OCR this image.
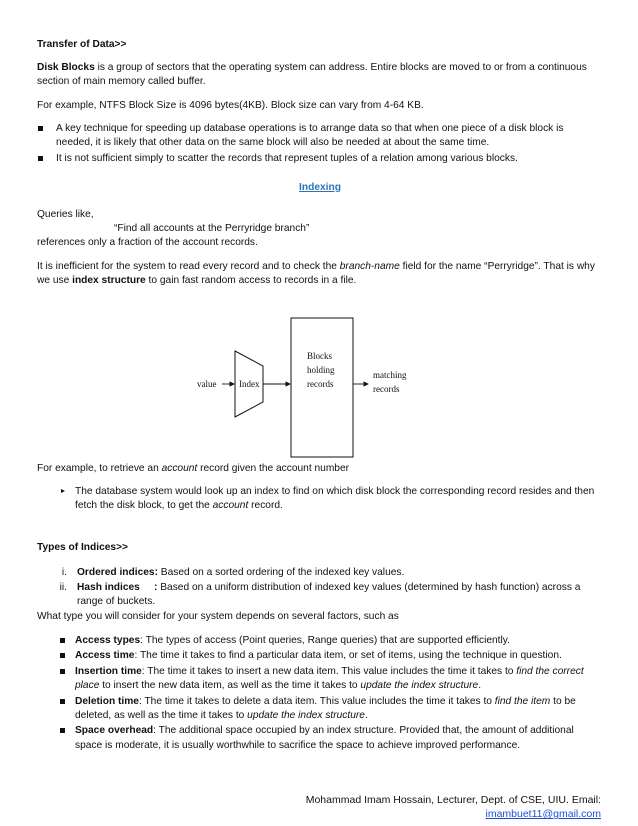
Transfer of Data>>

Disk Blocks is a group of sectors that the operating system can address. Entire blocks are moved to or from a continuous section of main memory called buffer.

For example, NTFS Block Size is 4096 bytes(4KB). Block size can vary from 4-64 KB.

A key technique for speeding up database operations is to arrange data so that when one piece of a disk block is needed, it is likely that other data on the same block will also be needed at about the same time.
It is not sufficient simply to scatter the records that represent tuples of a relation among various blocks.

Indexing

Queries like,

“Find all accounts at the Perryridge branch”

references only a fraction of the account records.

It is inefficient for the system to read every record and to check the branch-name field for the name “Perryridge”. That is why we use index structure to gain fast random access to records in a file.

value	Index
Blocks
holding
records
matching
records

For example, to retrieve an account record given the account number

The database system would look up an index to find on which disk block the corresponding record resides and then fetch the disk block, to get the account record.

Types of Indices>>

i. Ordered indices: Based on a sorted ordering of the indexed key values.
ii. Hash indices     : Based on a uniform distribution of indexed key values (determined by hash function) across a range of buckets.

What type you will consider for your system depends on several factors, such as

Access types: The types of access (Point queries, Range queries) that are supported efficiently.
Access time: The time it takes to find a particular data item, or set of items, using the technique in question.
Insertion time: The time it takes to insert a new data item. This value includes the time it takes to find the correct place to insert the new data item, as well as the time it takes to update the index structure.
Deletion time: The time it takes to delete a data item. This value includes the time it takes to find the item to be deleted, as well as the time it takes to update the index structure.
Space overhead: The additional space occupied by an index structure. Provided that, the amount of additional space is moderate, it is usually worthwhile to sacrifice the space to achieve improved performance.
Mohammad Imam Hossain, Lecturer, Dept. of CSE, UIU. Email: imambuet11@gmail.com
